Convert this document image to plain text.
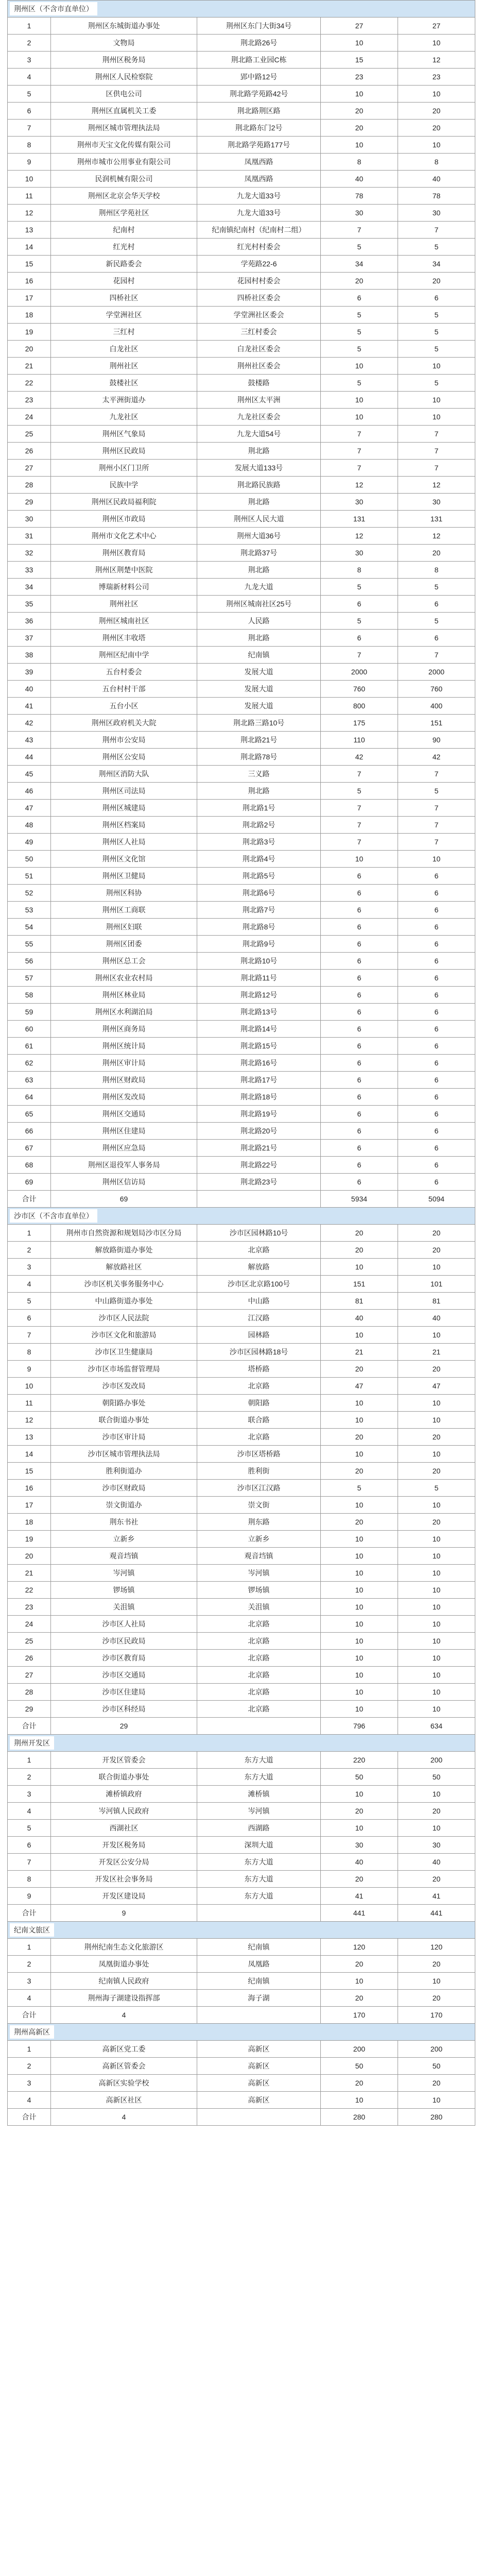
荆州区（不含市直单位）				
1	荆州区东城街道办事处	荆州区东门大街34号	27	27
2	文物局	荆北路26号	10	10
3	荆州区税务局	荆北路工业园C栋	15	12
4	荆州区人民检察院	郢中路12号	23	23
5	区供电公司	荆北路学苑路42号	10	10
6	荆州区直属机关工委	荆北路荆区路	20	20
7	荆州区城市管理执法局	荆北路东门2号	20	20
8	荆州市天宝文化传媒有限公司	荆北路学苑路177号	10	10
9	荆州市城市公用事业有限公司	凤凰西路	8	8
10	民润机械有限公司	凤凰西路	40	40
11	荆州区北京会华天学校	九龙大道33号	78	78
12	荆州区学苑社区	九龙大道33号	30	30
13	纪南村	纪南镇纪南村（纪南村二组）	7	7
14	红光村	红光村村委会	5	5
15	新民路委会	学苑路22-6	34	34
16	花园村	花园村村委会	20	20
17	四桥社区	四桥社区委会	6	6
18	学堂洲社区	学堂洲社区委会	5	5
19	三红村	三红村委会	5	5
20	白龙社区	白龙社区委会	5	5
21	荆州社区	荆州社区委会	10	10
22	鼓楼社区	鼓楼路	5	5
23	太平洲街道办	荆州区太平洲	10	10
24	九龙社区	九龙社区委会	10	10
25	荆州区气象局	九龙大道54号	7	7
26	荆州区民政局	荆北路	7	7
27	荆州小区门卫所	发展大道133号	7	7
28	民族中学	荆北路民族路	12	12
29	荆州区民政局福利院	荆北路	30	30
30	荆州区市政局	荆州区人民大道	131	131
31	荆州市文化艺术中心	荆州大道36号	12	12
32	荆州区教育局	荆北路37号	30	20
33	荆州区荆楚中医院	荆北路	8	8
34	博瑞新材料公司	九龙大道	5	5
35	荆州社区	荆州区城南社区25号	6	6
36	荆州区城南社区	人民路	5	5
37	荆州区丰收塔	荆北路	6	6
38	荆州区纪南中学	纪南镇	7	7
39	五台村委会	发展大道	2000	2000
40	五台村村干部	发展大道	760	760
41	五台小区	发展大道	800	400
42	荆州区政府机关大院	荆北路三路10号	175	151
43	荆州市公安局	荆北路21号	110	90
44	荆州区公安局	荆北路78号	42	42
45	荆州区消防大队	三义路	7	7
46	荆州区司法局	荆北路	5	5
47	荆州区城建局	荆北路1号	7	7
48	荆州区档案局	荆北路2号	7	7
49	荆州区人社局	荆北路3号	7	7
50	荆州区文化馆	荆北路4号	10	10
51	荆州区卫健局	荆北路5号	6	6
52	荆州区科协	荆北路6号	6	6
53	荆州区工商联	荆北路7号	6	6
54	荆州区妇联	荆北路8号	6	6
55	荆州区团委	荆北路9号	6	6
56	荆州区总工会	荆北路10号	6	6
57	荆州区农业农村局	荆北路11号	6	6
58	荆州区林业局	荆北路12号	6	6
59	荆州区水利湖泊局	荆北路13号	6	6
60	荆州区商务局	荆北路14号	6	6
61	荆州区统计局	荆北路15号	6	6
62	荆州区审计局	荆北路16号	6	6
63	荆州区财政局	荆北路17号	6	6
64	荆州区发改局	荆北路18号	6	6
65	荆州区交通局	荆北路19号	6	6
66	荆州区住建局	荆北路20号	6	6
67	荆州区应急局	荆北路21号	6	6
68	荆州区退役军人事务局	荆北路22号	6	6
69	荆州区信访局	荆北路23号	6	6
合计	69		5934	5094
沙市区（不含市直单位）				
1	荆州市自然资源和规划局沙市区分局	沙市区园林路10号	20	20
2	解放路街道办事处	北京路	20	20
3	解放路社区	解放路	10	10
4	沙市区机关事务服务中心	沙市区北京路100号	151	101
5	中山路街道办事处	中山路	81	81
6	沙市区人民法院	江汉路	40	40
7	沙市区文化和旅游局	园林路	10	10
8	沙市区卫生健康局	沙市区园林路18号	21	21
9	沙市区市场监督管理局	塔桥路	20	20
10	沙市区发改局	北京路	47	47
11	朝阳路办事处	朝阳路	10	10
12	联合街道办事处	联合路	10	10
13	沙市区审计局	北京路	20	20
14	沙市区城市管理执法局	沙市区塔桥路	10	10
15	胜利街道办	胜利街	20	20
16	沙市区财政局	沙市区江汉路	5	5
17	崇文街道办	崇文街	10	10
18	荆东书社	荆东路	20	20
19	立新乡	立新乡	10	10
20	观音垱镇	观音垱镇	10	10
21	岑河镇	岑河镇	10	10
22	锣场镇	锣场镇	10	10
23	关沮镇	关沮镇	10	10
24	沙市区人社局	北京路	10	10
25	沙市区民政局	北京路	10	10
26	沙市区教育局	北京路	10	10
27	沙市区交通局	北京路	10	10
28	沙市区住建局	北京路	10	10
29	沙市区科经局	北京路	10	10
合计	29		796	634
荆州开发区				
1	开发区管委会	东方大道	220	200
2	联合街道办事处	东方大道	50	50
3	滩桥镇政府	滩桥镇	10	10
4	岑河镇人民政府	岑河镇	20	20
5	西湖社区	西湖路	10	10
6	开发区税务局	深圳大道	30	30
7	开发区公安分局	东方大道	40	40
8	开发区社会事务局	东方大道	20	20
9	开发区建设局	东方大道	41	41
合计	9		441	441
纪南文旅区				
1	荆州纪南生态文化旅游区	纪南镇	120	120
2	凤凰街道办事处	凤凰路	20	20
3	纪南镇人民政府	纪南镇	10	10
4	荆州海子湖建设指挥部	海子湖	20	20
合计	4		170	170
荆州高新区				
1	高新区党工委	高新区	200	200
2	高新区管委会	高新区	50	50
3	高新区实验学校	高新区	20	20
4	高新区社区	高新区	10	10
合计	4		280	280
